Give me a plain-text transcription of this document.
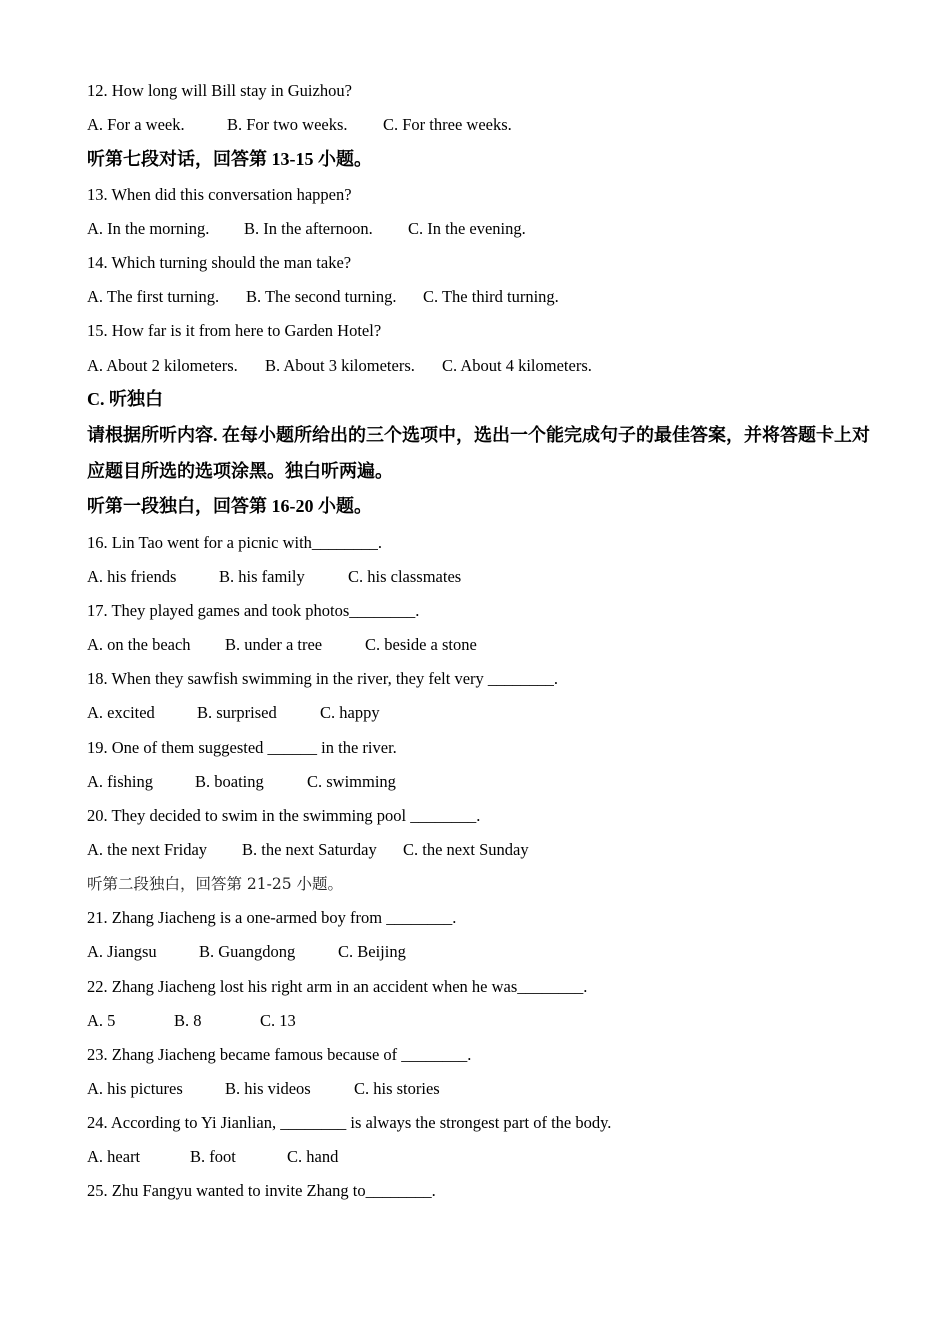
12. How long will Bill stay in Guizhou?
A. For a week.	B. For two weeks. C. For three weeks.
听第七段对话，回答第 13-15 小题。
13. When did this conversation happen?
A. In the morning. B. In the afternoon. C. In the evening.
14. Which turning should the man take?
A. The first turning. B. The second turning. C. The third turning.
15. How far is it from here to Garden Hotel?
A. About 2 kilometers. B. About 3 kilometers. C. About 4 kilometers.
C. 听独白
请根据所听内容. 在每小题所给出的三个选项中，选出一个能完成句子的最佳答案，并将答题卡上对应题目所选的选项涂黑。独白听两遍。
听第一段独白，回答第 16-20 小题。
16. Lin Tao went for a picnic with________.
A. his friends	B. his family	C. his classmates
17. They played games and took photos________.
A. on the beach B. under a tree	C. beside a stone
18. When they sawfish swimming in the river, they felt very ________.
A. excited	B. surprised	C. happy
19. One of them suggested ______ in the river.
A. fishing	B. boating	C. swimming
20. They decided to swim in the swimming pool ________.
A. the next Friday B. the next Saturday C. the next Sunday
听第二段独白，回答第 21-25 小题。
21. Zhang Jiacheng is a one-armed boy from ________.
A. Jiangsu	B. Guangdong	C. Beijing
22. Zhang Jiacheng lost his right arm in an accident when he was________.
A. 5	B. 8	C. 13
23. Zhang Jiacheng became famous because of ________.
A. his pictures	B. his videos	C. his stories
24. According to Yi Jianlian, ________ is always the strongest part of the body.
A. heart	B. foot	C. hand
25. Zhu Fangyu wanted to invite Zhang to________.
